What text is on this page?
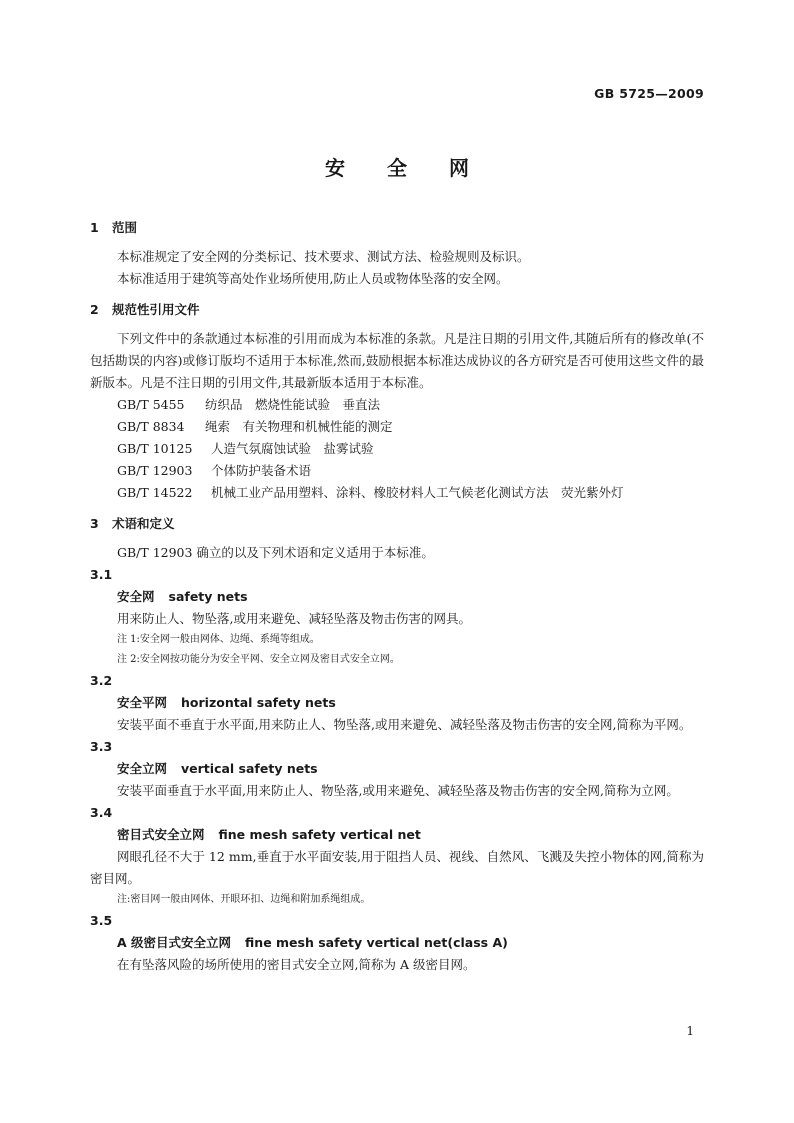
GB 5725—2009
安全网
1 范围

本标准规定了安全网的分类标记、技术要求、测试方法、检验规则及标识。

本标准适用于建筑等高处作业场所使用,防止人员或物体坠落的安全网。

2 规范性引用文件

下列文件中的条款通过本标准的引用而成为本标准的条款。凡是注日期的引用文件,其随后所有的修改单(不包括勘误的内容)或修订版均不适用于本标准,然而,鼓励根据本标准达成协议的各方研究是否可使用这些文件的最新版本。凡是不注日期的引用文件,其最新版本适用于本标准。

GB/T 5455 纺织品　燃烧性能试验　垂直法

GB/T 8834 绳索　有关物理和机械性能的测定

GB/T 10125 人造气氛腐蚀试验　盐雾试验

GB/T 12903 个体防护装备术语

GB/T 14522 机械工业产品用塑料、涂料、橡胶材料人工气候老化测试方法　荧光紫外灯

3 术语和定义

GB/T 12903 确立的以及下列术语和定义适用于本标准。

3.1

安全网 safety nets

用来防止人、物坠落,或用来避免、减轻坠落及物击伤害的网具。

注 1:安全网一般由网体、边绳、系绳等组成。

注 2:安全网按功能分为安全平网、安全立网及密目式安全立网。

3.2

安全平网 horizontal safety nets

安装平面不垂直于水平面,用来防止人、物坠落,或用来避免、减轻坠落及物击伤害的安全网,简称为平网。

3.3

安全立网 vertical safety nets

安装平面垂直于水平面,用来防止人、物坠落,或用来避免、减轻坠落及物击伤害的安全网,简称为立网。

3.4

密目式安全立网 fine mesh safety vertical net

网眼孔径不大于 12 mm,垂直于水平面安装,用于阻挡人员、视线、自然风、飞溅及失控小物体的网,简称为密目网。

注:密目网一般由网体、开眼环扣、边绳和附加系绳组成。

3.5

A 级密目式安全立网 fine mesh safety vertical net(class A)

在有坠落风险的场所使用的密目式安全立网,简称为 A 级密目网。

1
